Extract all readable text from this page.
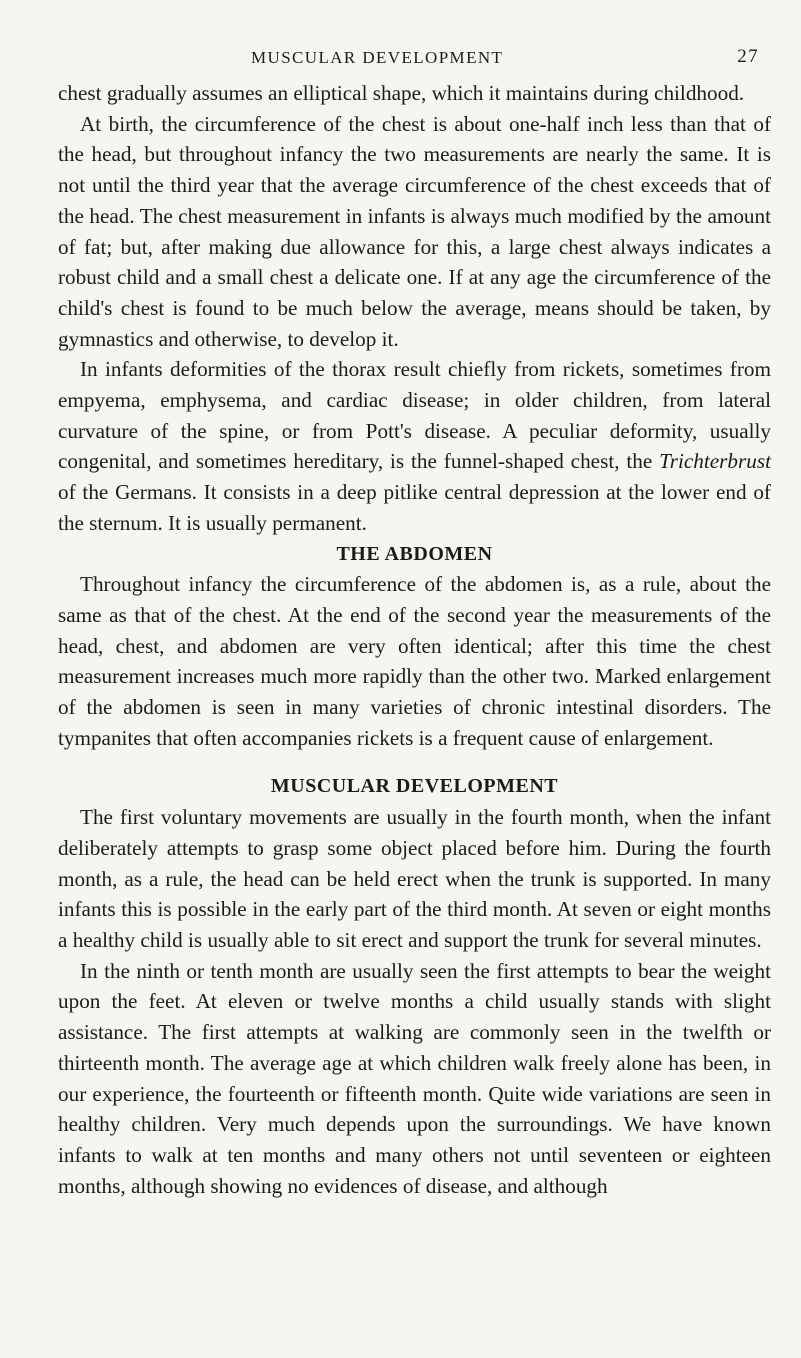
MUSCULAR DEVELOPMENT	27

chest gradually assumes an elliptical shape, which it maintains during childhood.

At birth, the circumference of the chest is about one-half inch less than that of the head, but throughout infancy the two measurements are nearly the same. It is not until the third year that the average circumference of the chest exceeds that of the head. The chest measurement in infants is always much modified by the amount of fat; but, after making due allowance for this, a large chest always indicates a robust child and a small chest a delicate one. If at any age the circumference of the child's chest is found to be much below the average, means should be taken, by gymnastics and otherwise, to develop it.

In infants deformities of the thorax result chiefly from rickets, sometimes from empyema, emphysema, and cardiac disease; in older children, from lateral curvature of the spine, or from Pott's disease. A peculiar deformity, usually congenital, and sometimes hereditary, is the funnel-shaped chest, the Trichterbrust of the Germans. It consists in a deep pitlike central depression at the lower end of the sternum. It is usually permanent.

THE ABDOMEN

Throughout infancy the circumference of the abdomen is, as a rule, about the same as that of the chest. At the end of the second year the measurements of the head, chest, and abdomen are very often identical; after this time the chest measurement increases much more rapidly than the other two. Marked enlargement of the abdomen is seen in many varieties of chronic intestinal disorders. The tympanites that often accompanies rickets is a frequent cause of enlargement.

MUSCULAR DEVELOPMENT

The first voluntary movements are usually in the fourth month, when the infant deliberately attempts to grasp some object placed before him. During the fourth month, as a rule, the head can be held erect when the trunk is supported. In many infants this is possible in the early part of the third month. At seven or eight months a healthy child is usually able to sit erect and support the trunk for several minutes.

In the ninth or tenth month are usually seen the first attempts to bear the weight upon the feet. At eleven or twelve months a child usually stands with slight assistance. The first attempts at walking are commonly seen in the twelfth or thirteenth month. The average age at which children walk freely alone has been, in our experience, the fourteenth or fifteenth month. Quite wide variations are seen in healthy children. Very much depends upon the surroundings. We have known infants to walk at ten months and many others not until seventeen or eighteen months, although showing no evidences of disease, and although
